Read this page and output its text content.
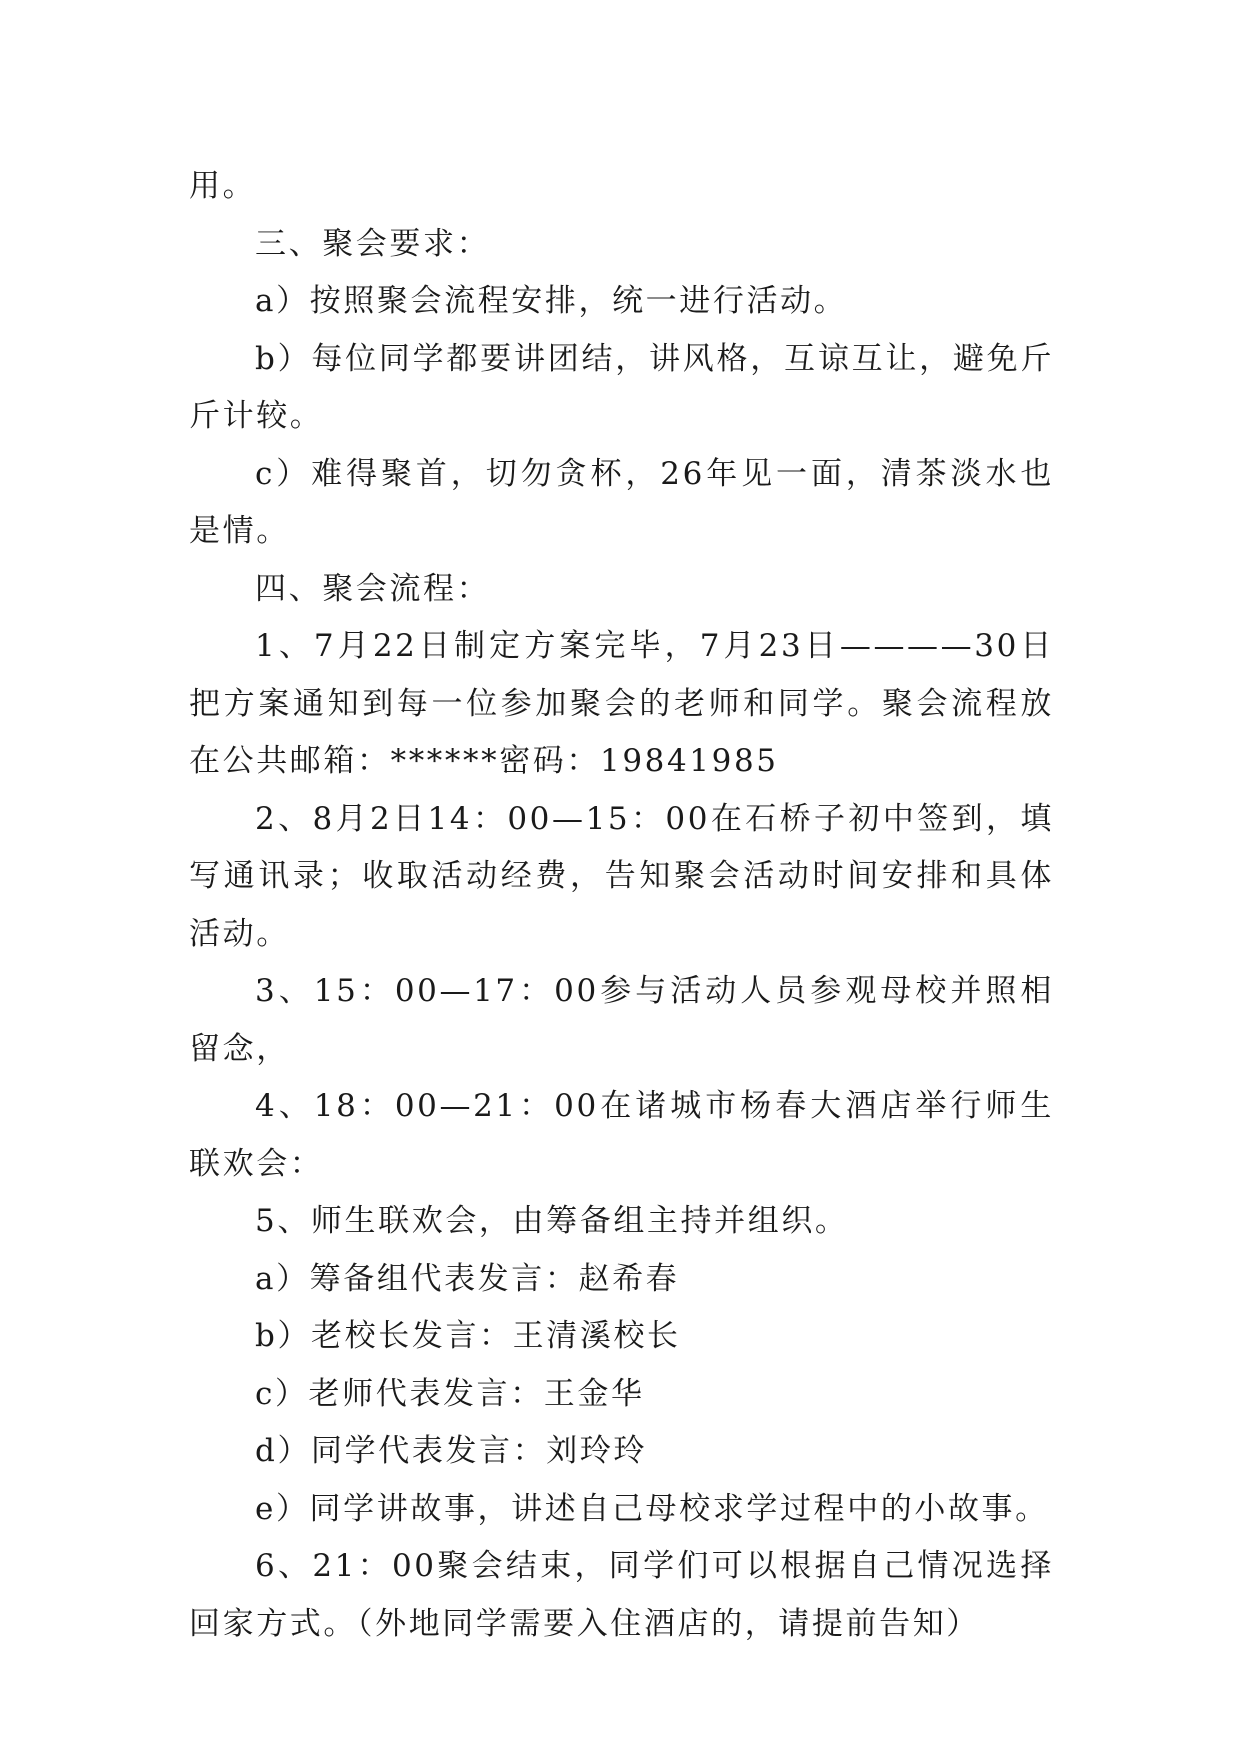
用。

三、聚会要求：

a）按照聚会流程安排，统一进行活动。

b）每位同学都要讲团结，讲风格，互谅互让，避免斤斤计较。

c）难得聚首，切勿贪杯，26年见一面，清茶淡水也是情。

四、聚会流程：

1、7月22日制定方案完毕，7月23日————30日把方案通知到每一位参加聚会的老师和同学。聚会流程放在公共邮箱：******密码：19841985

2、8月2日14：00—15：00在石桥子初中签到，填写通讯录；收取活动经费，告知聚会活动时间安排和具体活动。

3、15：00—17：00参与活动人员参观母校并照相留念，

4、18：00—21：00在诸城市杨春大酒店举行师生联欢会：

5、师生联欢会，由筹备组主持并组织。

a）筹备组代表发言：赵希春

b）老校长发言：王清溪校长

c）老师代表发言：王金华

d）同学代表发言：刘玲玲

e）同学讲故事，讲述自己母校求学过程中的小故事。

6、21：00聚会结束，同学们可以根据自己情况选择回家方式。（外地同学需要入住酒店的，请提前告知）
